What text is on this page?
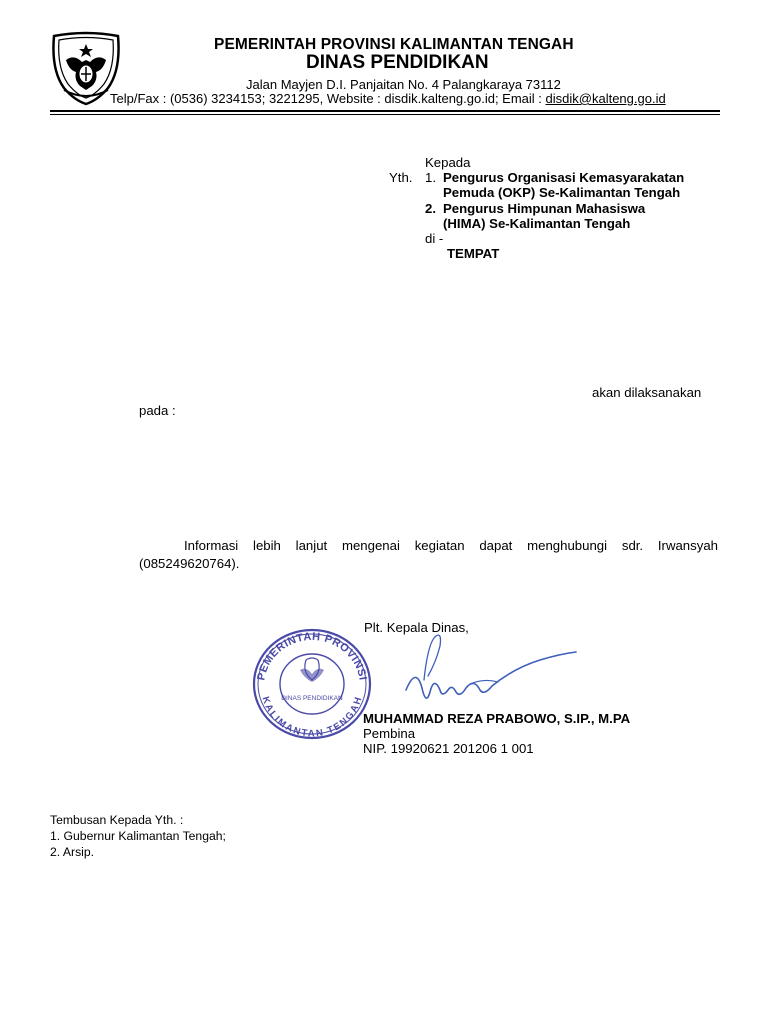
PEMERINTAH PROVINSI KALIMANTAN TENGAH
DINAS PENDIDIKAN
Jalan Mayjen D.I. Panjaitan No. 4 Palangkaraya 73112
Telp/Fax : (0536) 3234153; 3221295, Website : disdik.kalteng.go.id; Email : disdik@kalteng.go.id
Kepada
Yth. 1. Pengurus Organisasi Kemasyarakatan
Pemuda (OKP) Se-Kalimantan Tengah
2. Pengurus Himpunan Mahasiswa
(HIMA) Se-Kalimantan Tengah
di -
TEMPAT
akan dilaksanakan
pada :
Informasi lebih lanjut mengenai kegiatan dapat menghubungi sdr. Irwansyah
(085249620764).
Plt. Kepala Dinas,
PEMERINTAH PROVINSI
KALIMANTAN TENGAH
DINAS PENDIDIKAN
MUHAMMAD REZA PRABOWO, S.IP., M.PA
Pembina
NIP. 19920621 201206 1 001
Tembusan Kepada Yth. :
1. Gubernur Kalimantan Tengah;
2. Arsip.
